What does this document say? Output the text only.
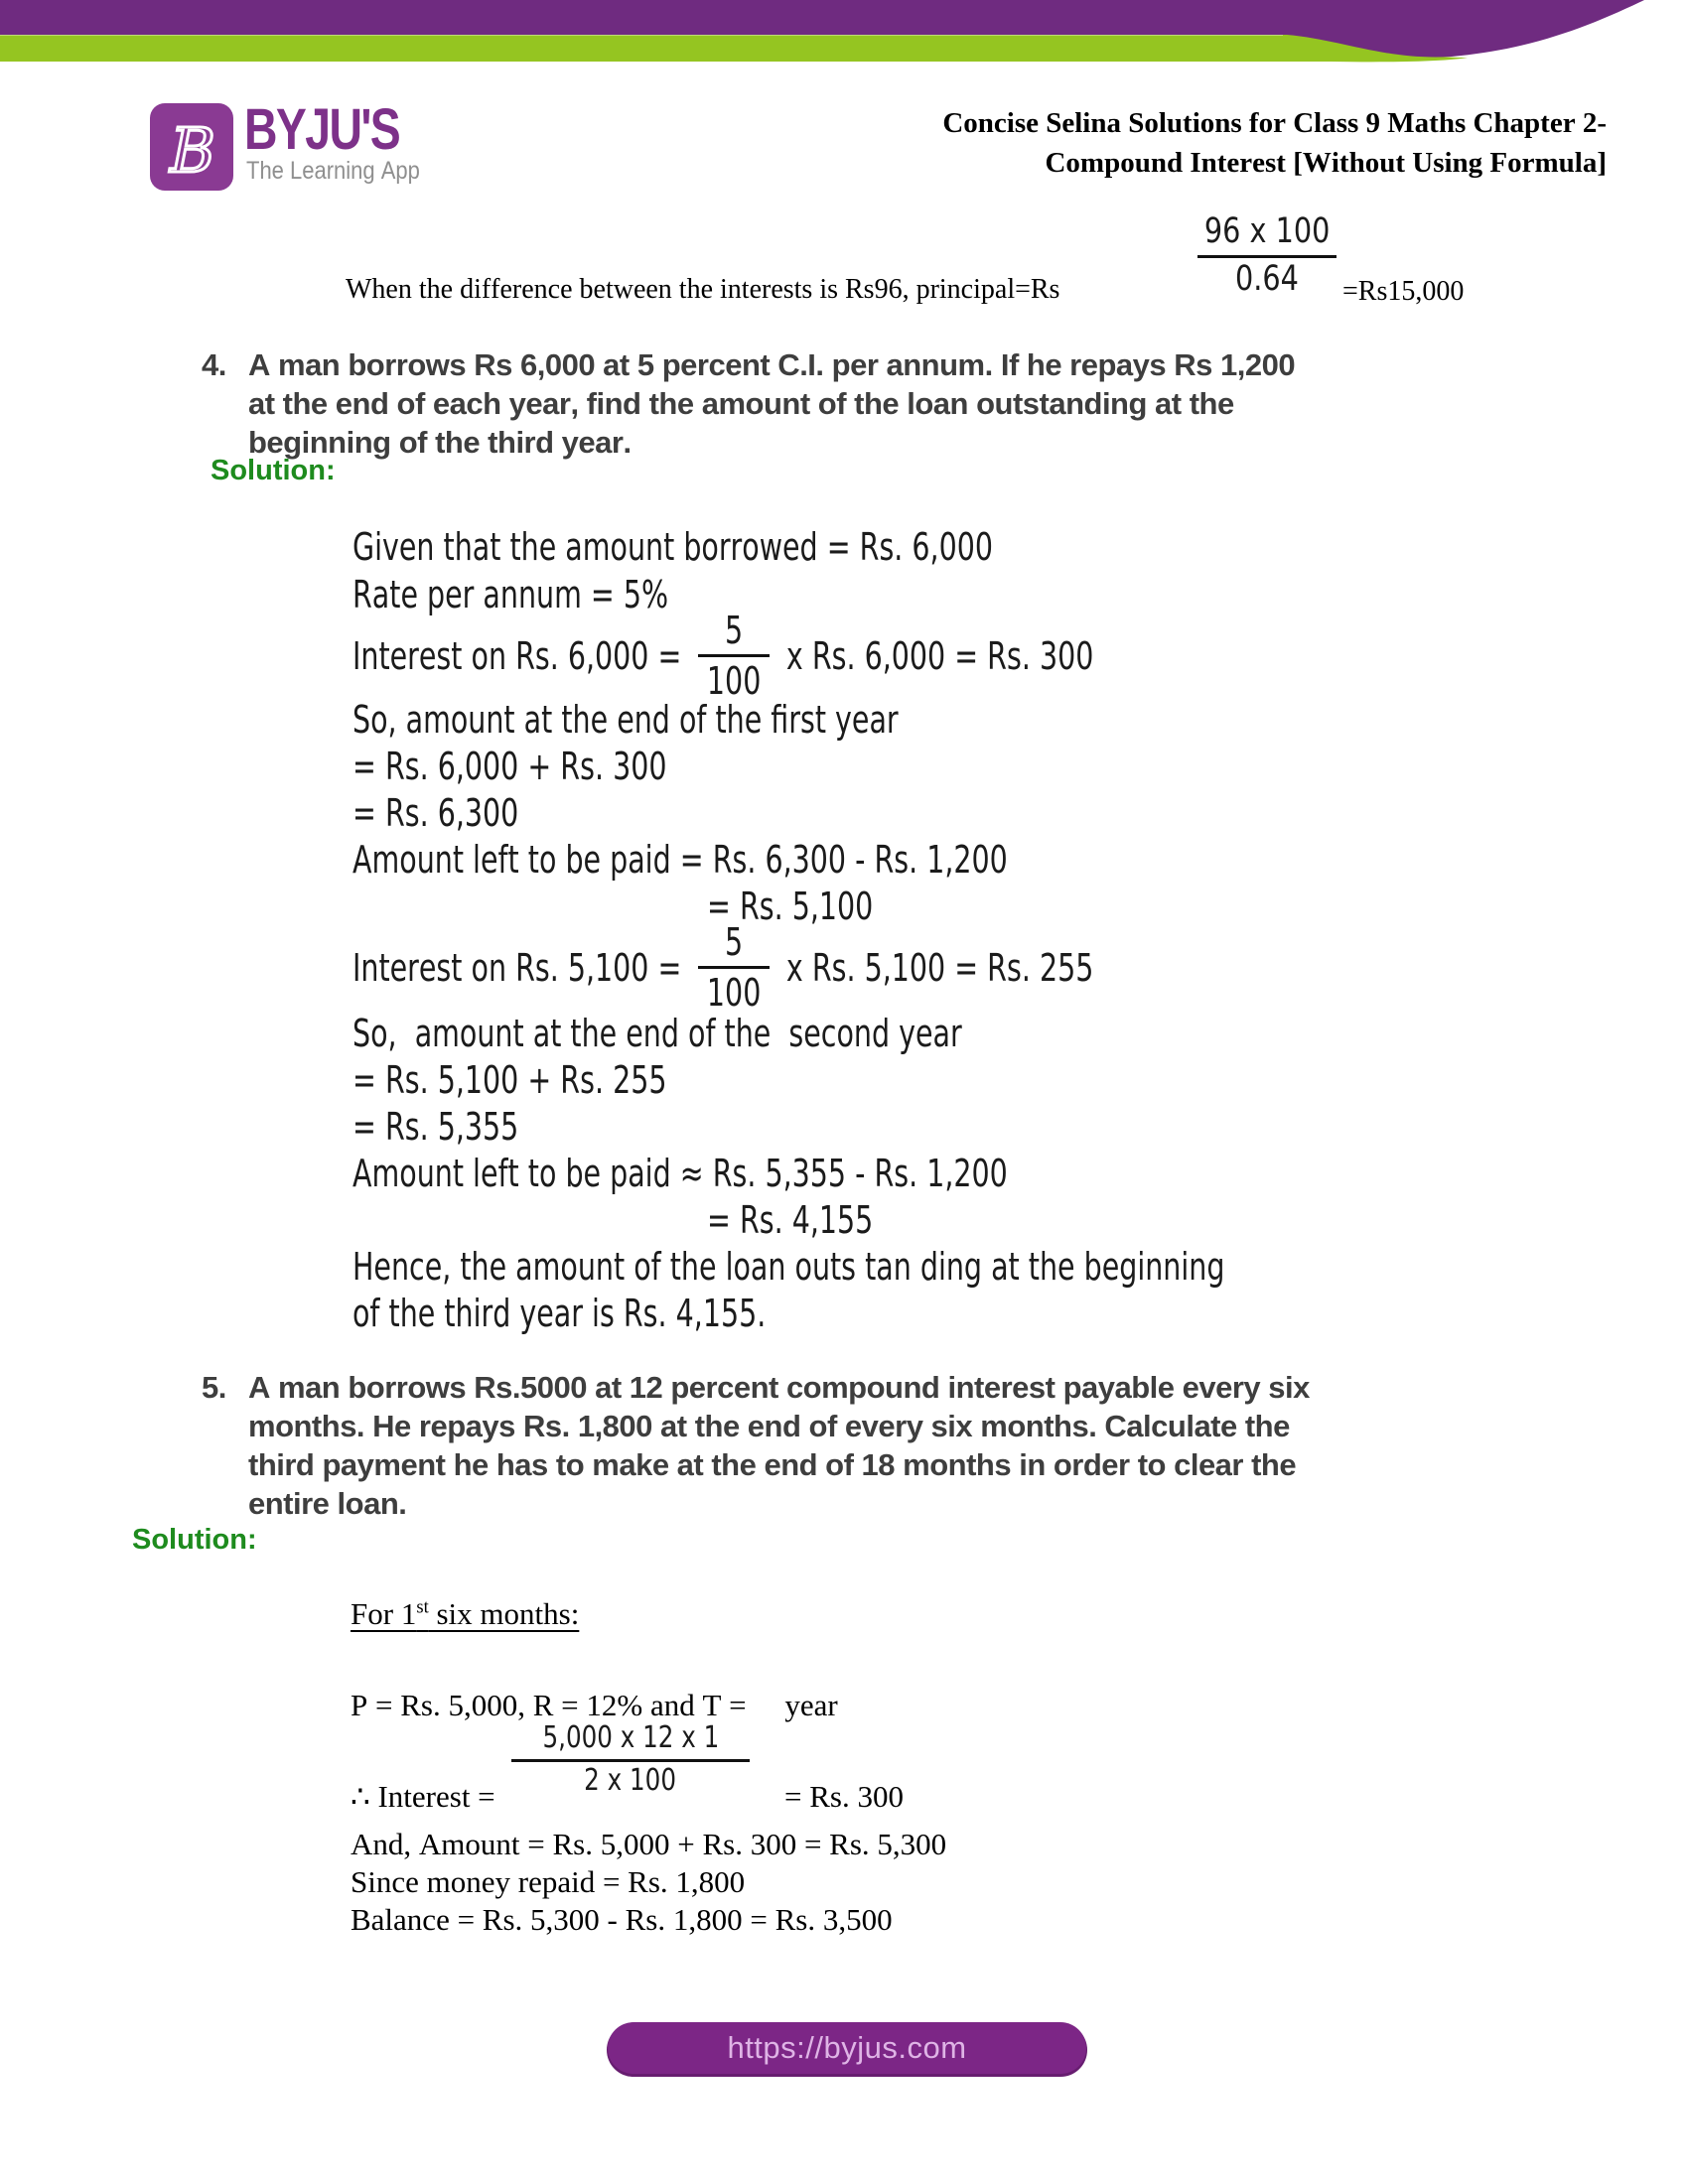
B BYJU'S
The Learning App
Concise Selina Solutions for Class 9 Maths Chapter 2-
Compound Interest [Without Using Formula]
When the difference between the interests is Rs96, principal=Rs
96 x 100
0.64 =Rs15,000
4. A man borrows Rs 6,000 at 5 percent C.I. per annum. If he repays Rs 1,200
at the end of each year, find the amount of the loan outstanding at the
beginning of the third year.
Solution:
Given that the amount borrowed = Rs. 6,000
Rate per annum = 5%
Interest on Rs. $6,000 = \frac{5}{100}$ x Rs. 6,000 = Rs. 300
So, amount at the end of the first year
= Rs. 6,000 + Rs. 300
= Rs. 6,300
Amount left to be paid = Rs. 6,300 - Rs. 1,200
= Rs. 5,100
Interest on Rs. $5,100 = \frac{5}{100}$ x Rs. 5,100 = Rs. 255
So,  amount at the end of the  second year
= Rs. 5,100 + Rs. 255
= Rs. 5,355
Amount left to be paid ≈ Rs. 5,355 - Rs. 1,200
= Rs. 4,155
Hence, the amount of the loan outs tan ding at the beginning
of the third year is Rs. 4,155.
5. A man borrows Rs.5000 at 12 percent compound interest payable every six
months. He repays Rs. 1,800 at the end of every six months. Calculate the
third payment he has to make at the end of 18 months in order to clear the
entire loan.
Solution:
For 1st six months:
P = Rs. 5,000, R = 12% and T =     year
5,000 x 12 x 1
2 x 100
∴ Interest =	= Rs. 300
And, Amount = Rs. 5,000 + Rs. 300 = Rs. 5,300
Since money repaid = Rs. 1,800
Balance = Rs. 5,300 - Rs. 1,800 = Rs. 3,500
https://byjus.com
